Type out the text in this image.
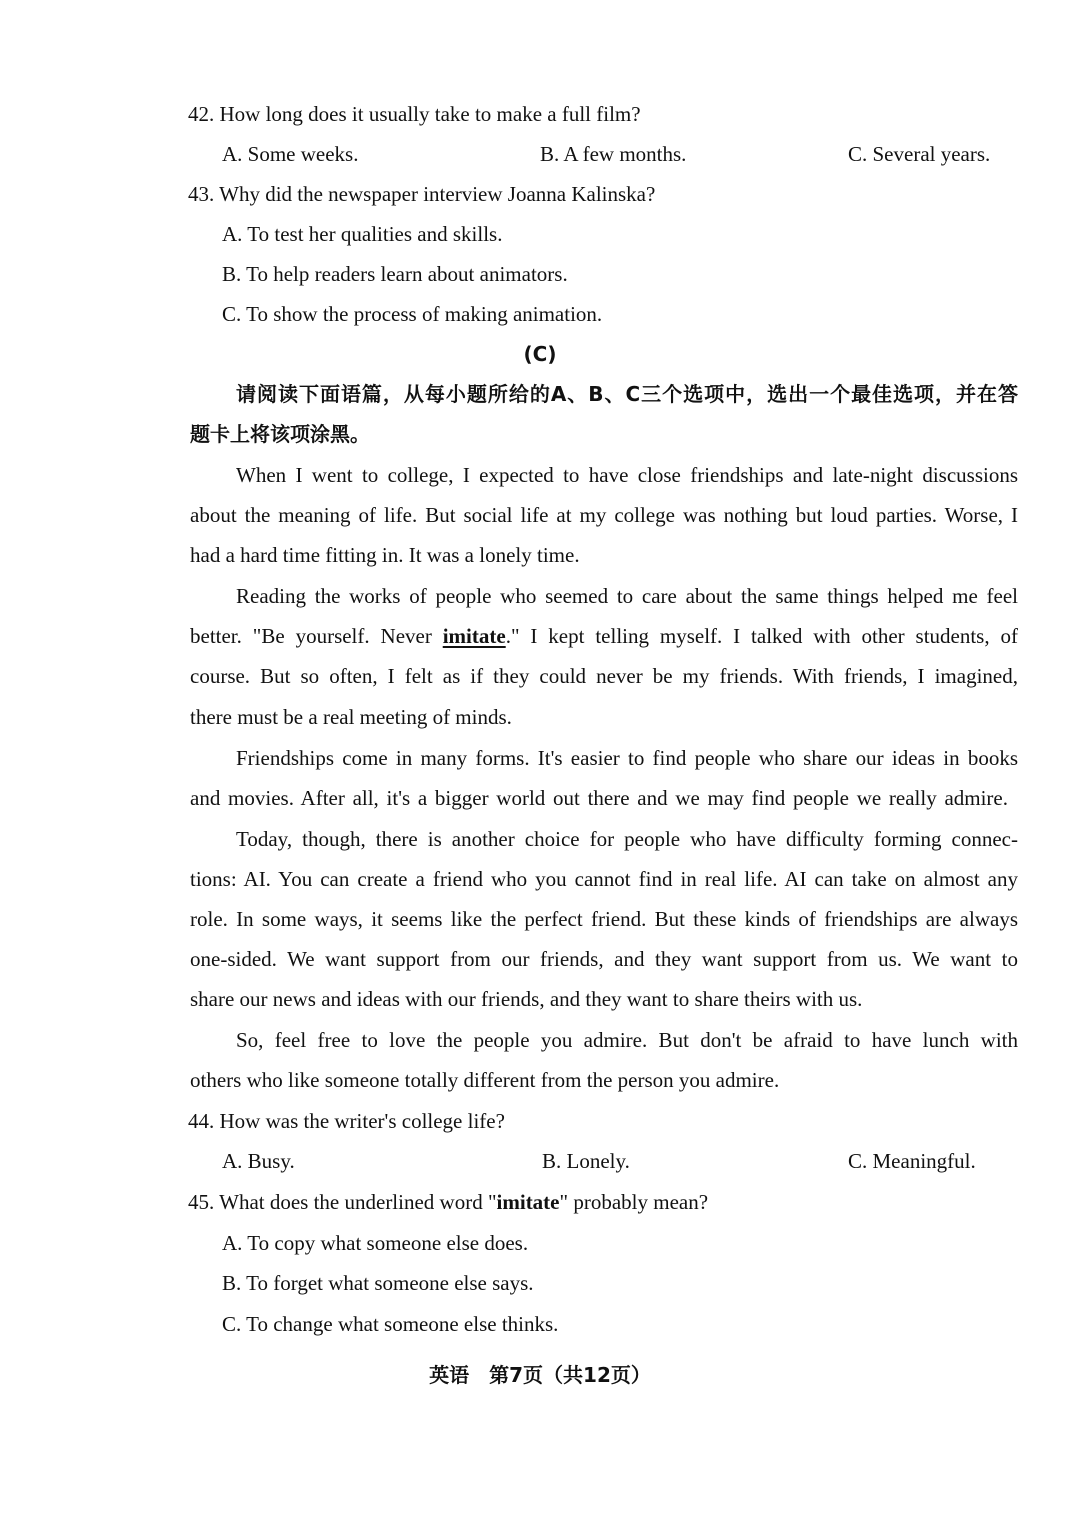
42. How long does it usually take to make a full film?
A. Some weeks.	B. A few months.	C. Several years.
43. Why did the newspaper interview Joanna Kalinska?
A. To test her qualities and skills.
B. To help readers learn about animators.
C. To show the process of making animation.
(C)
请阅读下面语篇，从每小题所给的A、B、C三个选项中，选出一个最佳选项，并在答
题卡上将该项涂黑。
When I went to college, I expected to have close friendships and late-night discussions
about the meaning of life. But social life at my college was nothing but loud parties. Worse, I
had a hard time fitting in. It was a lonely time.
Reading the works of people who seemed to care about the same things helped me feel
better. "Be yourself. Never imitate." I kept telling myself. I talked with other students, of
course. But so often, I felt as if they could never be my friends. With friends, I imagined,
there must be a real meeting of minds.
Friendships come in many forms. It's easier to find people who share our ideas in books
and movies. After all, it's a bigger world out there and we may find people we really admire.
Today, though, there is another choice for people who have difficulty forming connec-
tions: AI. You can create a friend who you cannot find in real life. AI can take on almost any
role. In some ways, it seems like the perfect friend. But these kinds of friendships are always
one-sided. We want support from our friends, and they want support from us. We want to
share our news and ideas with our friends, and they want to share theirs with us.
So, feel free to love the people you admire. But don't be afraid to have lunch with
others who like someone totally different from the person you admire.
44. How was the writer's college life?
A. Busy.	B. Lonely.	C. Meaningful.
45. What does the underlined word "imitate" probably mean?
A. To copy what someone else does.
B. To forget what someone else says.
C. To change what someone else thinks.
英语　第7页（共12页）
